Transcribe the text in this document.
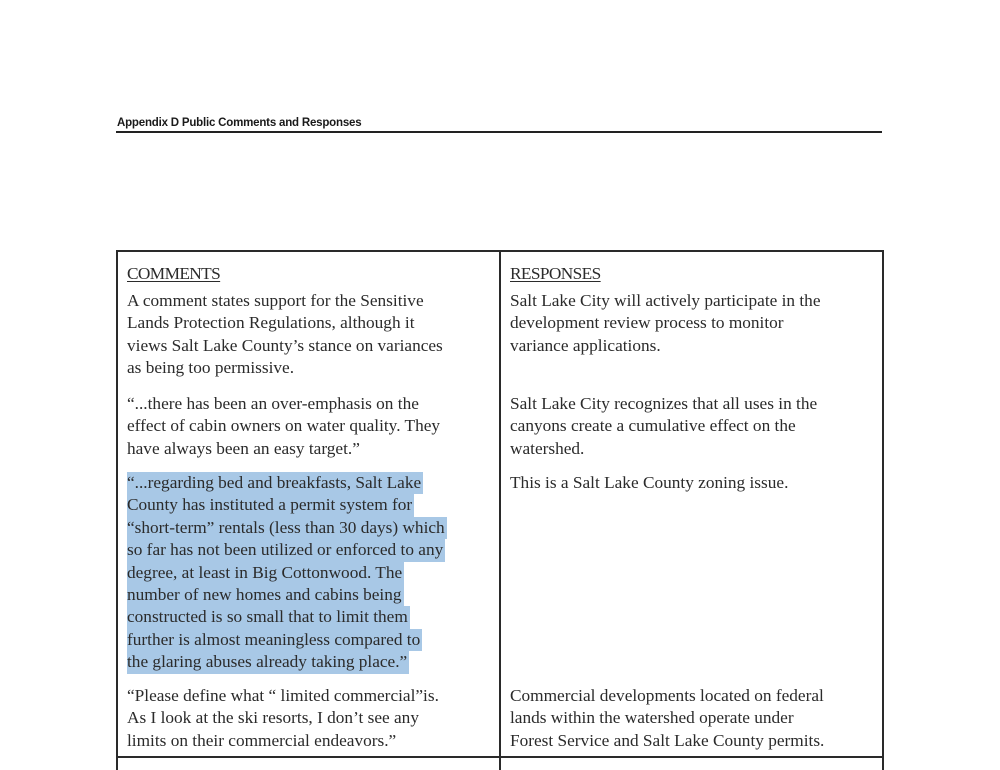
Appendix D Public Comments and Responses
COMMENTS	RESPONSES
A comment states support for the Sensitive
Lands Protection Regulations, although it
views Salt Lake County’s stance on variances
as being too permissive.
Salt Lake City will actively participate in the
development review process to monitor
variance applications.
“...there has been an over-emphasis on the
effect of cabin owners on water quality. They
have always been an easy target.”
Salt Lake City recognizes that all uses in the
canyons create a cumulative effect on the
watershed.
“...regarding bed and breakfasts, Salt Lake
County has instituted a permit system for
“short-term” rentals (less than 30 days) which
so far has not been utilized or enforced to any
degree, at least in Big Cottonwood. The
number of new homes and cabins being
constructed is so small that to limit them
further is almost meaningless compared to
the glaring abuses already taking place.”
This is a Salt Lake County zoning issue.
“Please define what “ limited commercial”is.
As I look at the ski resorts, I don’t see any
limits on their commercial endeavors.”
Commercial developments located on federal
lands within the watershed operate under
Forest Service and Salt Lake County permits.
